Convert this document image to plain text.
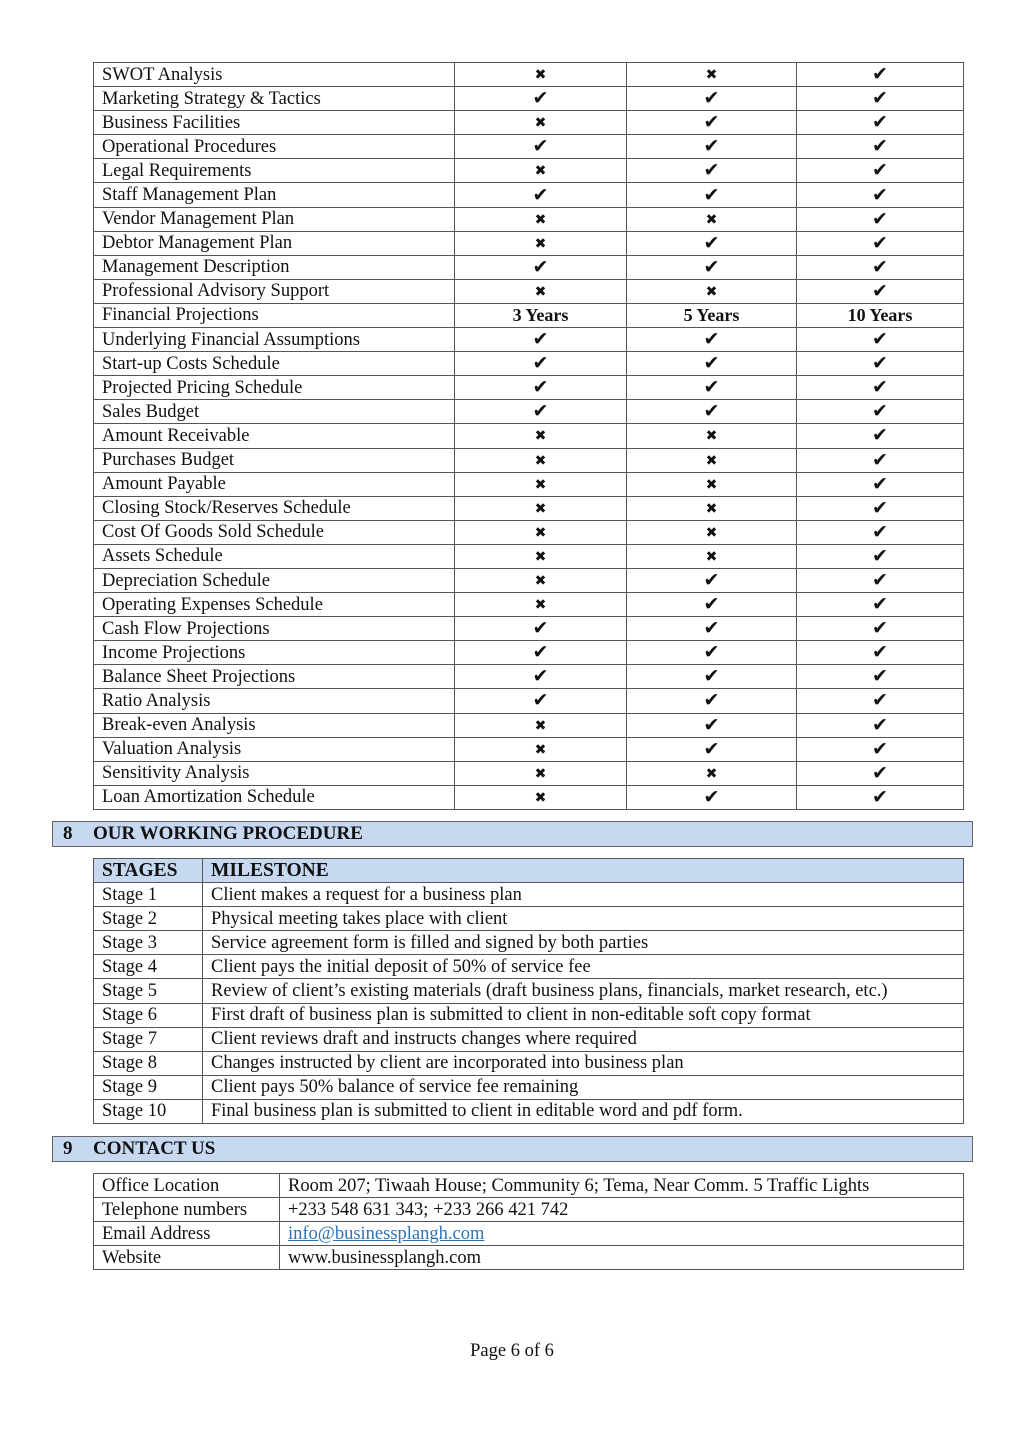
SWOT Analysis	✖	✖	✔
Marketing Strategy & Tactics	✔	✔	✔
Business Facilities	✖	✔	✔
Operational Procedures	✔	✔	✔
Legal Requirements	✖	✔	✔
Staff Management Plan	✔	✔	✔
Vendor Management Plan	✖	✖	✔
Debtor Management Plan	✖	✔	✔
Management Description	✔	✔	✔
Professional Advisory Support	✖	✖	✔
Financial Projections	3 Years	5 Years	10 Years
Underlying Financial Assumptions	✔	✔	✔
Start-up Costs Schedule	✔	✔	✔
Projected Pricing Schedule	✔	✔	✔
Sales Budget	✔	✔	✔
Amount Receivable	✖	✖	✔
Purchases Budget	✖	✖	✔
Amount Payable	✖	✖	✔
Closing Stock/Reserves Schedule	✖	✖	✔
Cost Of Goods Sold Schedule	✖	✖	✔
Assets Schedule	✖	✖	✔
Depreciation Schedule	✖	✔	✔
Operating Expenses Schedule	✖	✔	✔
Cash Flow Projections	✔	✔	✔
Income Projections	✔	✔	✔
Balance Sheet Projections	✔	✔	✔
Ratio Analysis	✔	✔	✔
Break-even Analysis	✖	✔	✔
Valuation Analysis	✖	✔	✔
Sensitivity Analysis	✖	✖	✔
Loan Amortization Schedule	✖	✔	✔
8 OUR WORKING PROCEDURE
STAGES	MILESTONE
Stage 1	Client makes a request for a business plan
Stage 2	Physical meeting takes place with client
Stage 3	Service agreement form is filled and signed by both parties
Stage 4	Client pays the initial deposit of 50% of service fee
Stage 5	Review of client’s existing materials (draft business plans, financials, market research, etc.)
Stage 6	First draft of business plan is submitted to client in non-editable soft copy format
Stage 7	Client reviews draft and instructs changes where required
Stage 8	Changes instructed by client are incorporated into business plan
Stage 9	Client pays 50% balance of service fee remaining
Stage 10	Final business plan is submitted to client in editable word and pdf form.
9 CONTACT US
Office Location	Room 207; Tiwaah House; Community 6; Tema, Near Comm. 5 Traffic Lights
Telephone numbers	+233 548 631 343; +233 266 421 742
Email Address	info@businessplangh.com
Website	www.businessplangh.com
Page 6 of 6
